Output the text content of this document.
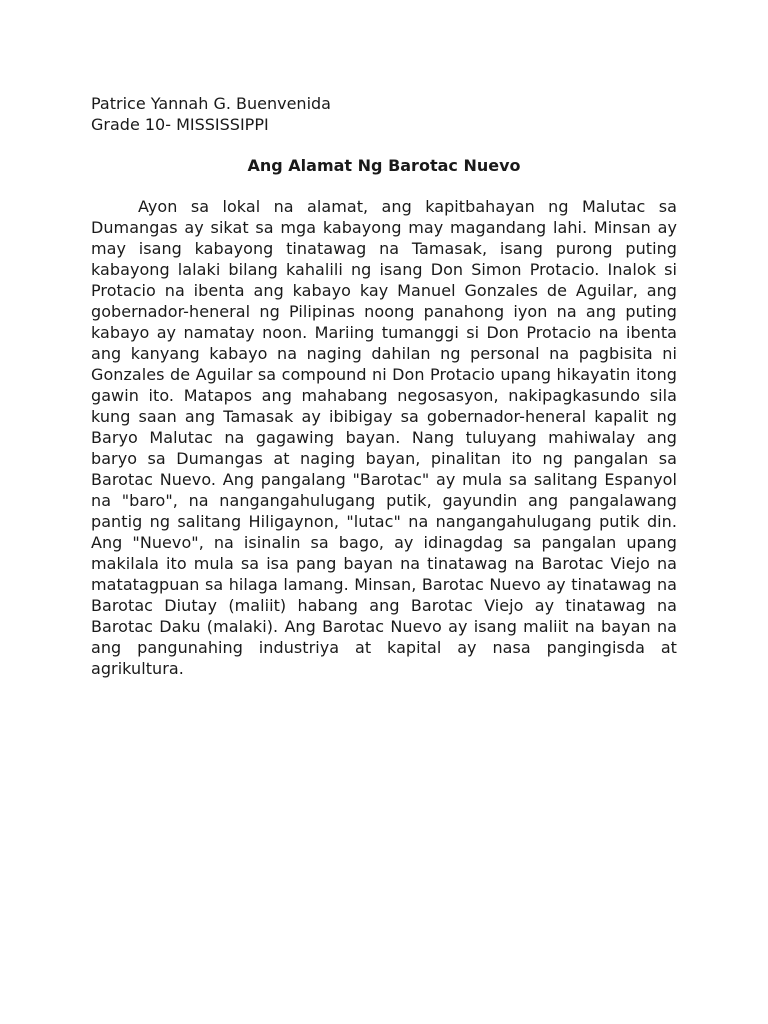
Patrice Yannah G. Buenvenida
Grade 10- MISSISSIPPI
Ang Alamat Ng Barotac Nuevo

Ayon sa lokal na alamat, ang kapitbahayan ng Malutac sa Dumangas ay sikat sa mga kabayong may magandang lahi. Minsan ay may isang kabayong tinatawag na Tamasak, isang purong puting kabayong lalaki bilang kahalili ng isang Don Simon Protacio. Inalok si Protacio na ibenta ang kabayo kay Manuel Gonzales de Aguilar, ang gobernador-heneral ng Pilipinas noong panahong iyon na ang puting kabayo ay namatay noon. Mariing tumanggi si Don Protacio na ibenta ang kanyang kabayo na naging dahilan ng personal na pagbisita ni Gonzales de Aguilar sa compound ni Don Protacio upang hikayatin itong gawin ito. Matapos ang mahabang negosasyon, nakipagkasundo sila kung saan ang Tamasak ay ibibigay sa gobernador-heneral kapalit ng Baryo Malutac na gagawing bayan. Nang tuluyang mahiwalay ang baryo sa Dumangas at naging bayan, pinalitan ito ng pangalan sa Barotac Nuevo. Ang pangalang "Barotac" ay mula sa salitang Espanyol na "baro", na nangangahulugang putik, gayundin ang pangalawang pantig ng salitang Hiligaynon, "lutac" na nangangahulugang putik din. Ang "Nuevo", na isinalin sa bago, ay idinagdag sa pangalan upang makilala ito mula sa isa pang bayan na tinatawag na Barotac Viejo na matatagpuan sa hilaga lamang. Minsan, Barotac Nuevo ay tinatawag na Barotac Diutay (maliit) habang ang Barotac Viejo ay tinatawag na Barotac Daku (malaki). Ang Barotac Nuevo ay isang maliit na bayan na ang pangunahing industriya at kapital ay nasa pangingisda at agrikultura.
